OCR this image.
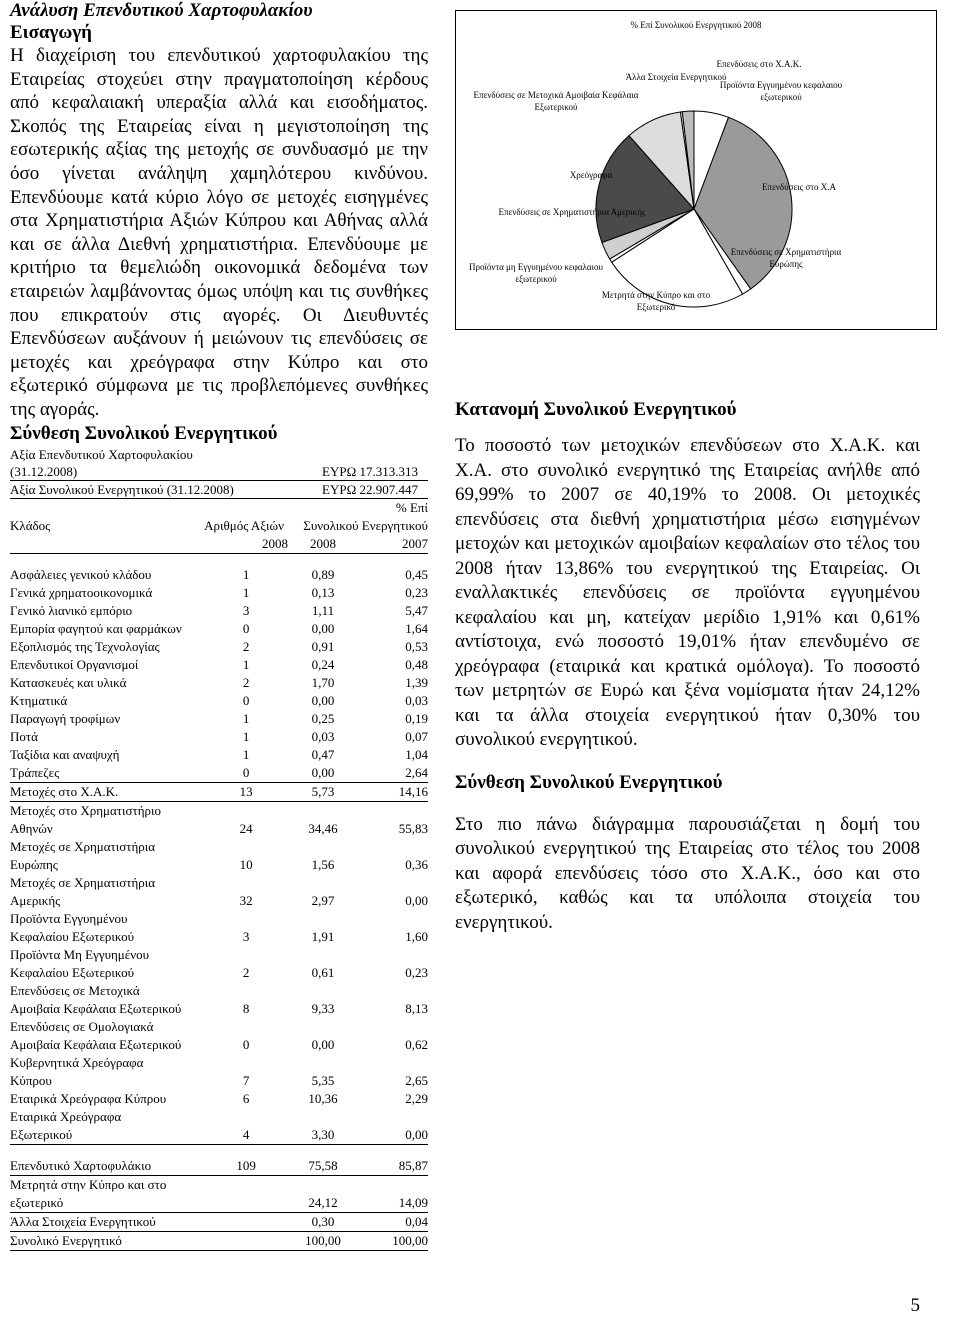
Ανάλυση Επενδυτικού Χαρτοφυλακίου
Εισαγωγή

Η διαχείριση του επενδυτικού χαρτοφυλακίου της Εταιρείας στοχεύει στην πραγματοποίηση κέρδους από κεφαλαιακή υπεραξία αλλά και εισοδήματος. Σκοπός της Εταιρείας είναι η μεγιστοποίηση της εσωτερικής αξίας της μετοχής σε συνδυασμό με την όσο γίνεται ανάληψη χαμηλότερου κινδύνου. Επενδύουμε κατά κύριο λόγο σε μετοχές εισηγμένες στα Χρηματιστήρια Αξιών Κύπρου και Αθήνας αλλά και σε άλλα Διεθνή χρηματιστήρια. Επενδύουμε με κριτήριο τα θεμελιώδη οικονομικά δεδομένα των εταιρειών λαμβάνοντας όμως υπόψη και τις συνθήκες που επικρατούν στις αγορές. Οι Διευθυντές Επενδύσεων αυξάνουν ή μειώνουν τις επενδύσεις σε μετοχές και χρεόγραφα στην Κύπρο και στο εξωτερικό σύμφωνα με τις προβλεπόμενες συνθήκες της αγοράς.

Σύνθεση Συνολικού Ενεργητικού
Αξία Επενδυτικού Χαρτοφυλακίου
(31.12.2008)	ΕΥΡΩ 17.313.313
Αξία Συνολικού Ενεργητικού (31.12.2008)	ΕΥΡΩ 22.907.447
		% Επί	
Κλάδος	Αριθμός Αξιών	Συνολικού Ενεργητικού	
	2008	2008	2007

Ασφάλειες γενικού κλάδου	1	0,89	0,45
Γενικά χρηματοοικονομικά	1	0,13	0,23
Γενικό λιανικό εμπόριο	3	1,11	5,47
Εμπορία φαγητού και φαρμάκων	0	0,00	1,64
Εξοπλισμός της Τεχνολογίας	2	0,91	0,53
Επενδυτικοί Οργανισμοί	1	0,24	0,48
Κατασκευές και υλικά	2	1,70	1,39
Κτηματικά	0	0,00	0,03
Παραγωγή τροφίμων	1	0,25	0,19
Ποτά	1	0,03	0,07
Ταξίδια και αναψυχή	1	0,47	1,04
Τράπεζες	0	0,00	2,64
Μετοχές στο Χ.Α.Κ.	13	5,73	14,16

Μετοχές στο Χρηματιστήριο
Αθηνών	24	34,46	55,83

Μετοχές σε Χρηματιστήρια
Ευρώπης	10	1,56	0,36

Μετοχές σε Χρηματιστήρια
Αμερικής	32	2,97	0,00

Προϊόντα Εγγυημένου
Κεφαλαίου Εξωτερικού	3	1,91	1,60

Προϊόντα Μη Εγγυημένου
Κεφαλαίου Εξωτερικού	2	0,61	0,23

Επενδύσεις σε Μετοχικά
Αμοιβαία Κεφάλαια Εξωτερικού	8	9,33	8,13

Επενδύσεις σε Ομολογιακά
Αμοιβαία Κεφάλαια Εξωτερικού	0	0,00	0,62

Κυβερνητικά Χρεόγραφα
Κύπρου	7	5,35	2,65

Εταιρικά Χρεόγραφα Κύπρου	6	10,36	2,29

Εταιρικά Χρεόγραφα
Εξωτερικού	4	3,30	0,00

Επενδυτικό Χαρτοφυλάκιο	109	75,58	85,87

Μετρητά στην Κύπρο και στο
εξωτερικό		24,12	14,09
Άλλα Στοιχεία Ενεργητικού		0,30	0,04
Συνολικό Ενεργητικό		100,00	100,00
% Επί Συνολικού Ενεργητικού 2008
Επενδύσεις στο Χ.Α.Κ.
Επενδύσεις στο Χ.Α
Επενδύσεις σε Χρηματιστήρια Ευρώπης
Μετρητά στην Κύπρο και στο Εξωτερικό
Προϊόντα μη Εγγυημένου κεφαλαιου εξωτερικού
Επενδύσεις σε Χρηματιστήρια Αμερικής
Χρεόγραφα
Επενδύσεις σε Μετοχικά Αμοιβαία Κεφάλαια Εξωτερικού
Άλλα Στοιχεία Ενεργητικού
Προϊόντα Εγγυημένου κεφαλαιου εξωτερικού
Κατανομή Συνολικού Ενεργητικού

Το ποσοστό των μετοχικών επενδύσεων στο Χ.Α.Κ. και Χ.Α. στο συνολικό ενεργητικό της Εταιρείας ανήλθε από 69,99% το 2007 σε 40,19% το 2008. Οι μετοχικές επενδύσεις στα διεθνή χρηματιστήρια μέσω εισηγμένων μετοχών και μετοχικών αμοιβαίων κεφαλαίων στο τέλος του 2008 ήταν 13,86% του ενεργητικού της Εταιρείας. Οι εναλλακτικές επενδύσεις σε προϊόντα εγγυημένου κεφαλαίου και μη, κατείχαν μερίδιο 1,91% και 0,61% αντίστοιχα, ενώ ποσοστό 19,01% ήταν επενδυμένο σε χρεόγραφα (εταιρικά και κρατικά ομόλογα). Το ποσοστό των μετρητών σε Ευρώ και ξένα νομίσματα ήταν 24,12% και τα άλλα στοιχεία ενεργητικού ήταν 0,30% του συνολικού ενεργητικού.

Σύνθεση Συνολικού Ενεργητικού

Στο πιο πάνω διάγραμμα παρουσιάζεται η δομή του συνολικού ενεργητικού της Εταιρείας στο τέλος του 2008 και αφορά επενδύσεις τόσο στο Χ.Α.Κ., όσο και στο εξωτερικό, καθώς και τα υπόλοιπα στοιχεία του ενεργητικού.

5
